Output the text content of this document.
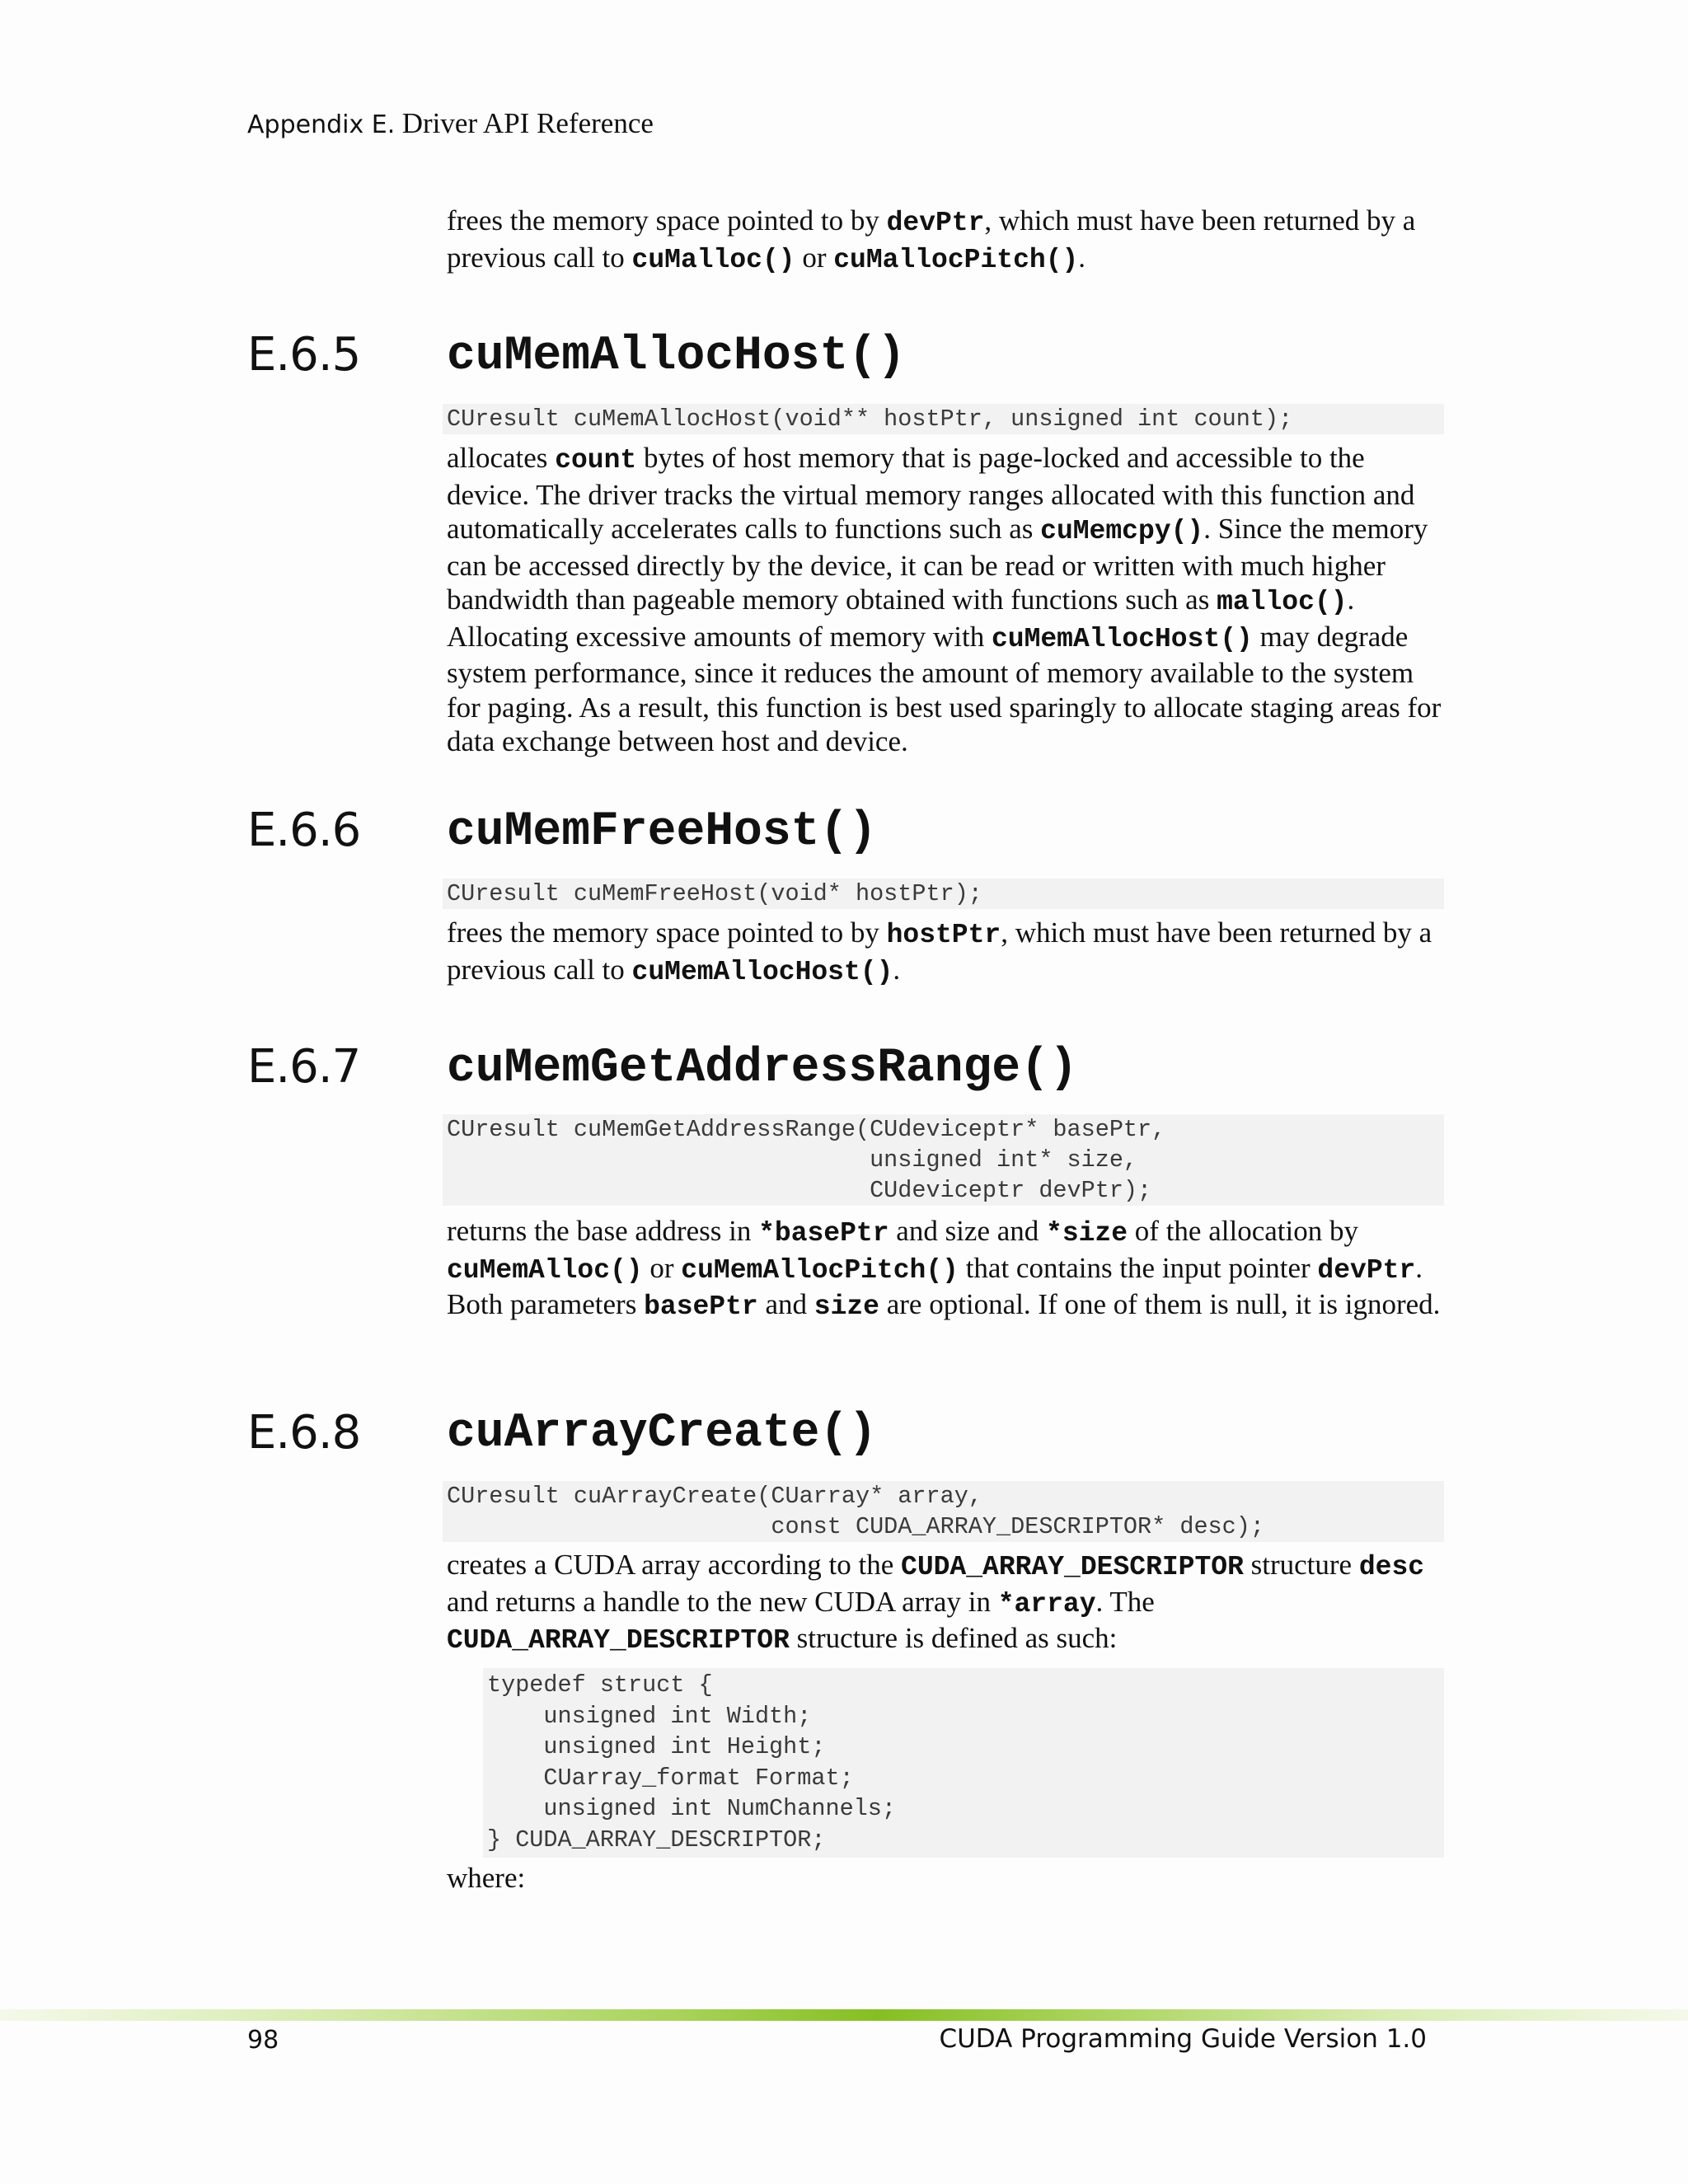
Appendix E. Driver API Reference

frees the memory space pointed to by devPtr, which must have been returned by a previous call to cuMalloc() or cuMallocPitch().

E.6.5 cuMemAllocHost()
CUresult cuMemAllocHost(void** hostPtr, unsigned int count);

allocates count bytes of host memory that is page-locked and accessible to the device. The driver tracks the virtual memory ranges allocated with this function and automatically accelerates calls to functions such as cuMemcpy(). Since the memory can be accessed directly by the device, it can be read or written with much higher bandwidth than pageable memory obtained with functions such as malloc(). Allocating excessive amounts of memory with cuMemAllocHost() may degrade system performance, since it reduces the amount of memory available to the system for paging. As a result, this function is best used sparingly to allocate staging areas for data exchange between host and device.

E.6.6 cuMemFreeHost()
CUresult cuMemFreeHost(void* hostPtr);

frees the memory space pointed to by hostPtr, which must have been returned by a previous call to cuMemAllocHost().

E.6.7 cuMemGetAddressRange()
CUresult cuMemGetAddressRange(CUdeviceptr* basePtr,
unsigned int* size,
CUdeviceptr devPtr);

returns the base address in *basePtr and size and *size of the allocation by cuMemAlloc() or cuMemAllocPitch() that contains the input pointer devPtr. Both parameters basePtr and size are optional. If one of them is null, it is ignored.

E.6.8 cuArrayCreate()
CUresult cuArrayCreate(CUarray* array,
const CUDA_ARRAY_DESCRIPTOR* desc);

creates a CUDA array according to the CUDA_ARRAY_DESCRIPTOR structure desc and returns a handle to the new CUDA array in *array. The CUDA_ARRAY_DESCRIPTOR structure is defined as such:

typedef struct {
unsigned int Width;
unsigned int Height;
CUarray_format Format;
unsigned int NumChannels;
} CUDA_ARRAY_DESCRIPTOR;

where:

98	CUDA Programming Guide Version 1.0
